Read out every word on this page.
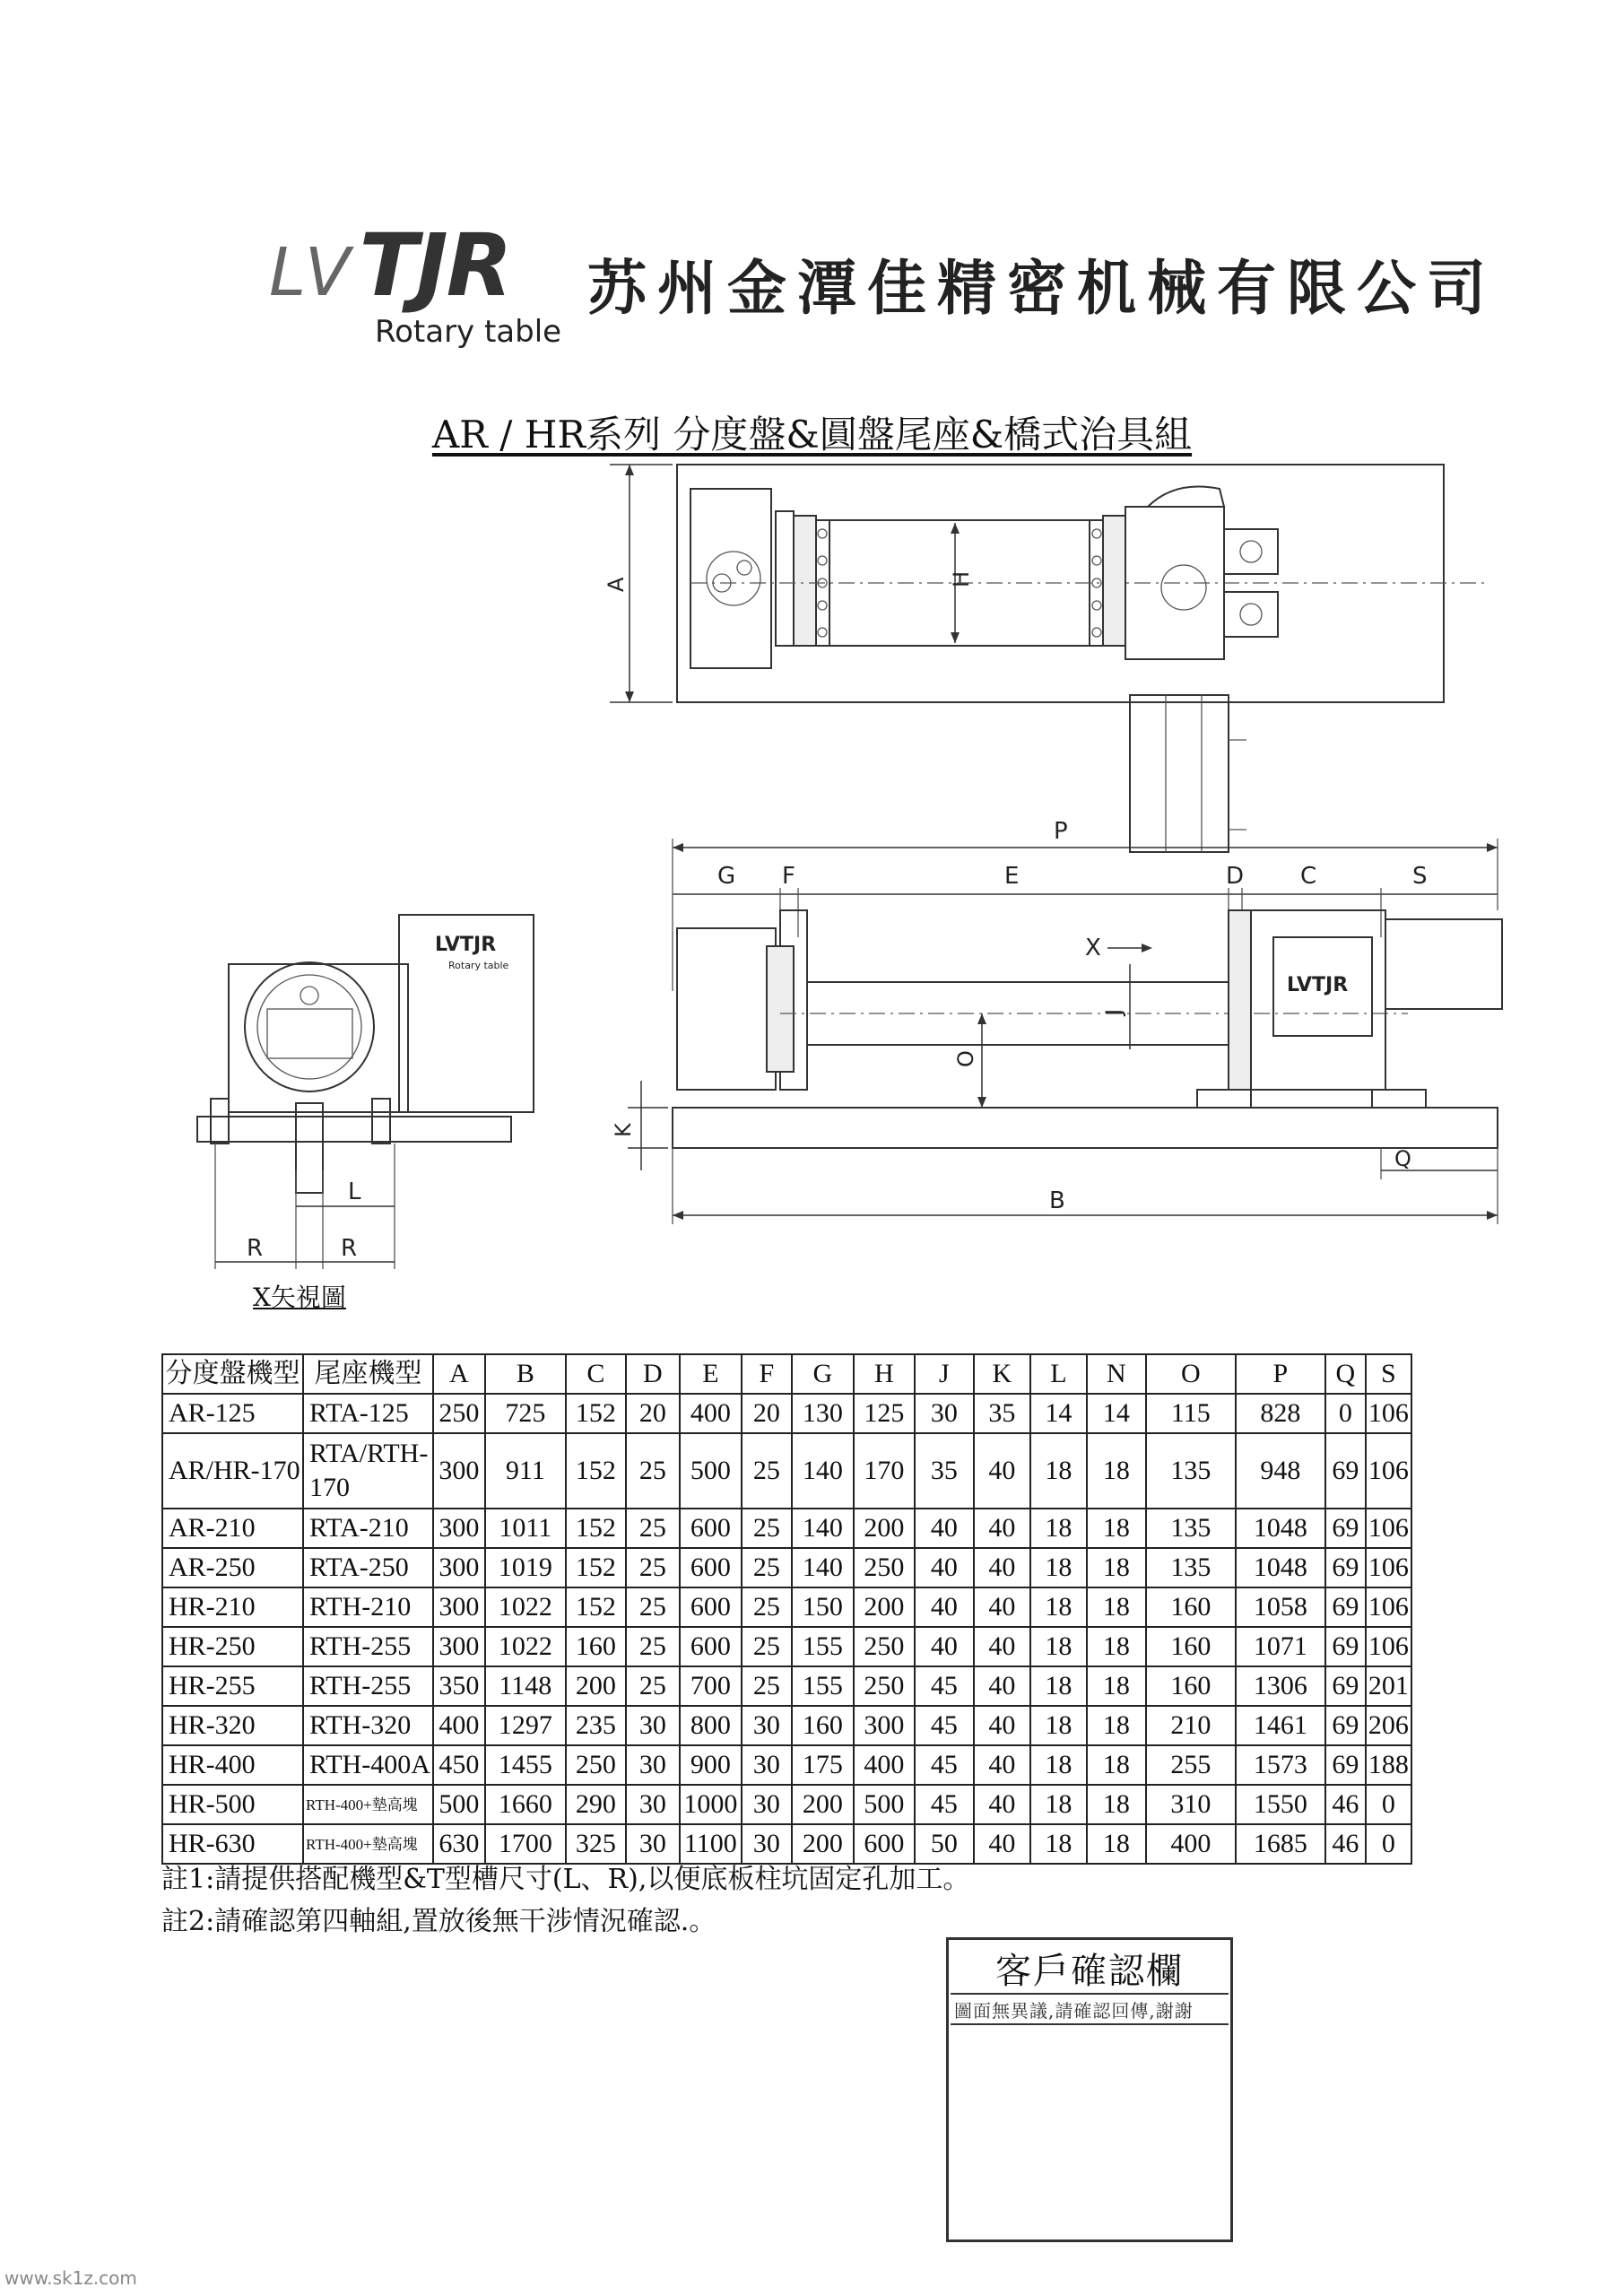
LVTJR
Rotary table
苏州金潭佳精密机械有限公司
AR / HR系列 分度盤&圓盤尾座&橋式治具組
A	H
P
G F	E	D C	S
LVTJR
X
O
J
K
Q
B
LVTJR
Rotary table
L
R	R
X矢視圖
分度盤機型	尾座機型	A	B	C	D	E	F	G	H	J	K	L	N	O	P	Q	S
AR-125	RTA-125	250	725	152	20	400	20	130	125	30	35	14	14	115	828	0	106
AR/HR-170	RTA/RTH-170	300	911	152	25	500	25	140	170	35	40	18	18	135	948	69	106
AR-210	RTA-210	300	1011	152	25	600	25	140	200	40	40	18	18	135	1048	69	106
AR-250	RTA-250	300	1019	152	25	600	25	140	250	40	40	18	18	135	1048	69	106
HR-210	RTH-210	300	1022	152	25	600	25	150	200	40	40	18	18	160	1058	69	106
HR-250	RTH-255	300	1022	160	25	600	25	155	250	40	40	18	18	160	1071	69	106
HR-255	RTH-255	350	1148	200	25	700	25	155	250	45	40	18	18	160	1306	69	201
HR-320	RTH-320	400	1297	235	30	800	30	160	300	45	40	18	18	210	1461	69	206
HR-400	RTH-400A	450	1455	250	30	900	30	175	400	45	40	18	18	255	1573	69	188
HR-500	RTH-400+墊高塊	500	1660	290	30	1000	30	200	500	45	40	18	18	310	1550	46	0
HR-630	RTH-400+墊高塊	630	1700	325	30	1100	30	200	600	50	40	18	18	400	1685	46	0
註1:請提供搭配機型&T型槽尺寸(L、R),以便底板柱坑固定孔加工。
註2:請確認第四軸組,置放後無干涉情況確認.。
客戶確認欄
圖面無異議,請確認回傳,謝謝
www.sk1z.com
